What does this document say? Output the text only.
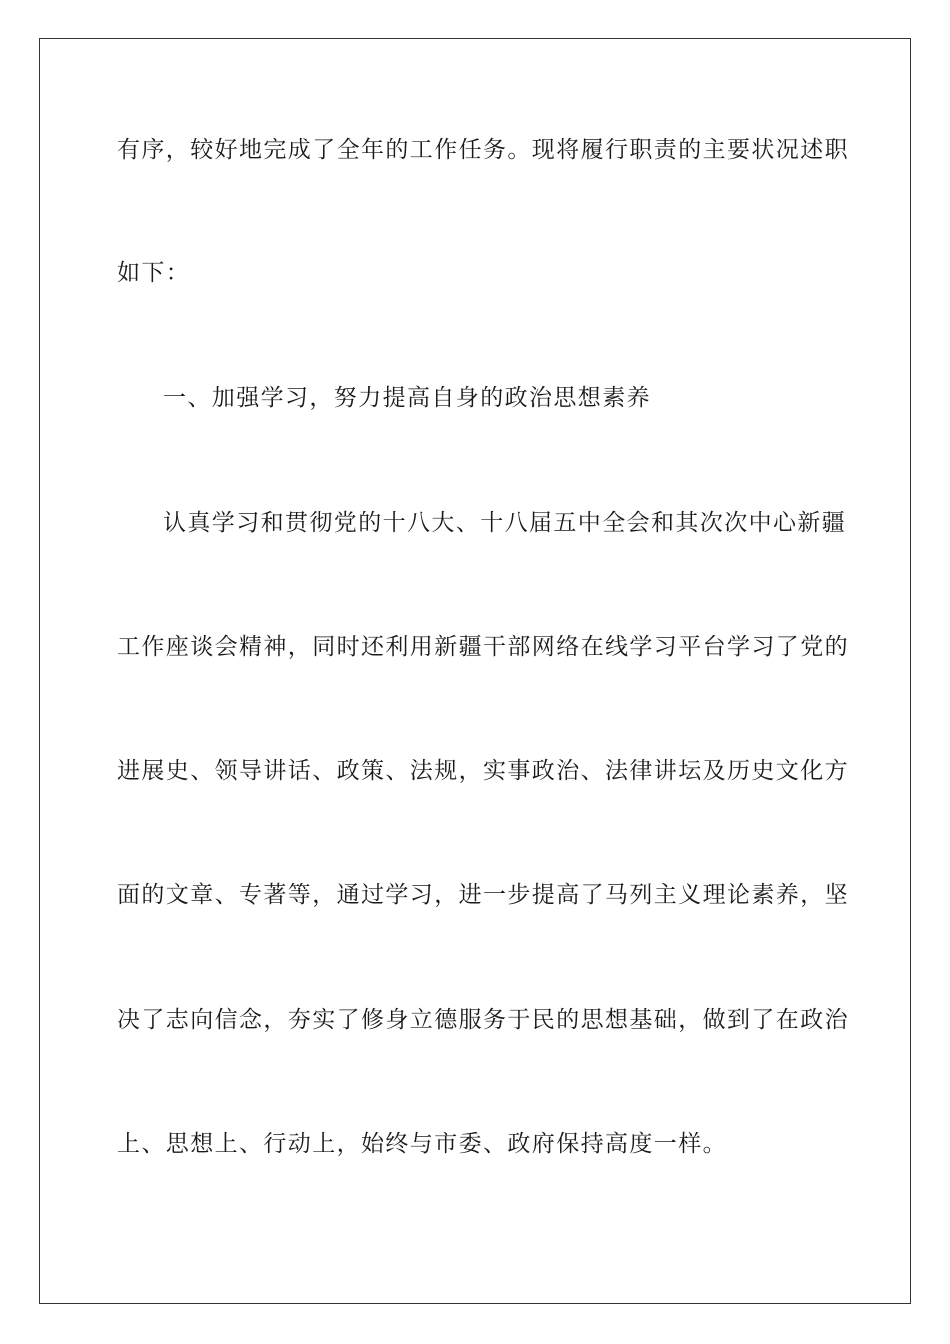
有序，较好地完成了全年的工作任务。现将履行职责的主要状况述职
如下：
一、加强学习，努力提高自身的政治思想素养
认真学习和贯彻党的十八大、十八届五中全会和其次次中心新疆
工作座谈会精神，同时还利用新疆干部网络在线学习平台学习了党的
进展史、领导讲话、政策、法规，实事政治、法律讲坛及历史文化方
面的文章、专著等，通过学习，进一步提高了马列主义理论素养，坚
决了志向信念，夯实了修身立德服务于民的思想基础，做到了在政治
上、思想上、行动上，始终与市委、政府保持高度一样。
